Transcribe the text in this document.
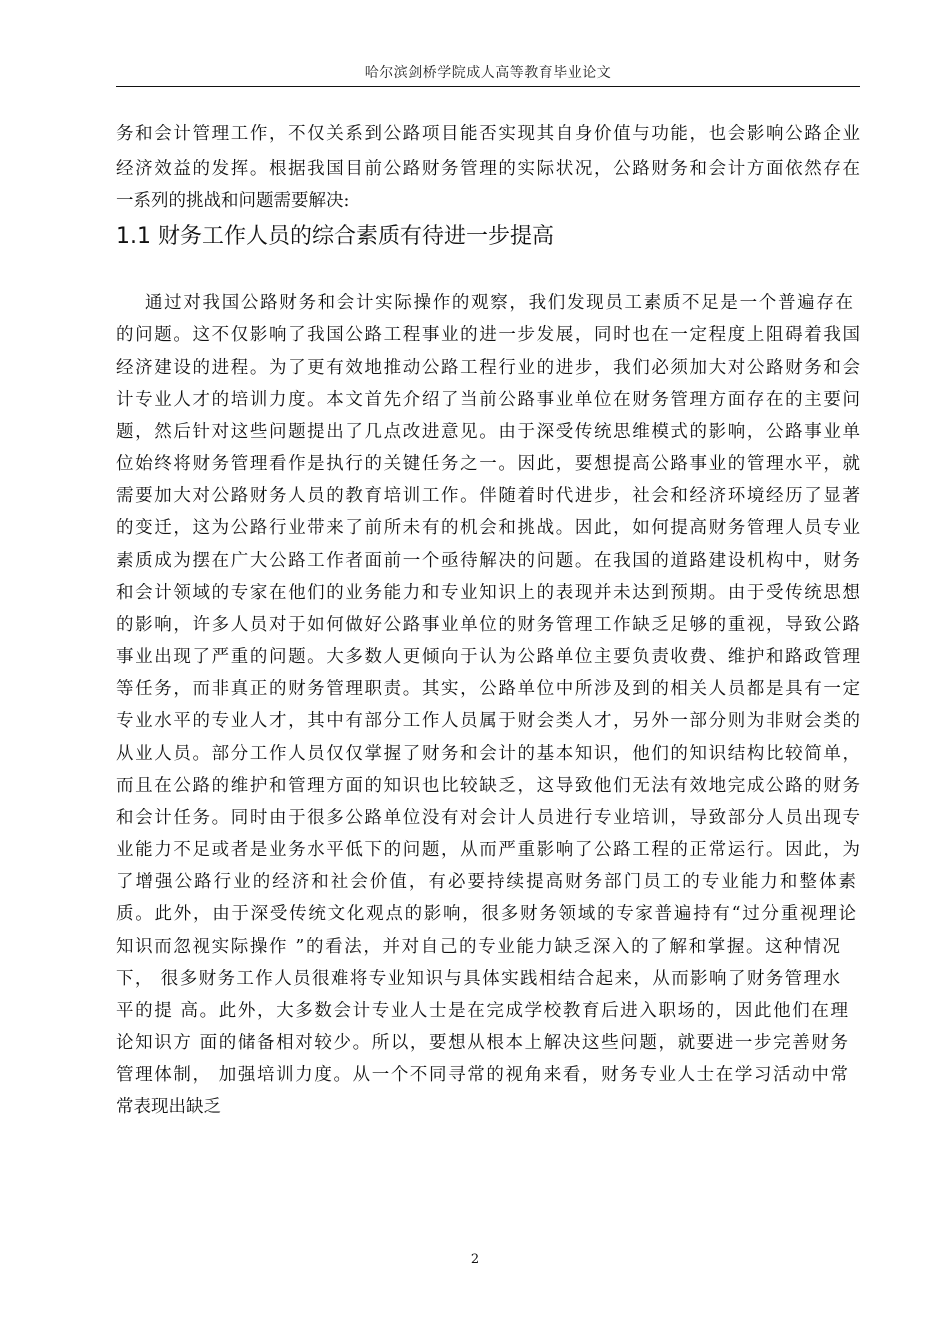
哈尔滨剑桥学院成人高等教育毕业论文
务和会计管理工作，不仅关系到公路项目能否实现其自身价值与功能，也会影响公路企业
经济效益的发挥。根据我国目前公路财务管理的实际状况，公路财务和会计方面依然存在
一系列的挑战和问题需要解决:
1.1 财务工作人员的综合素质有待进一步提高
通过对我国公路财务和会计实际操作的观察，我们发现员工素质不足是一个普遍存在
的问题。这不仅影响了我国公路工程事业的进一步发展，同时也在一定程度上阻碍着我国
经济建设的进程。为了更有效地推动公路工程行业的进步，我们必须加大对公路财务和会
计专业人才的培训力度。本文首先介绍了当前公路事业单位在财务管理方面存在的主要问
题，然后针对这些问题提出了几点改进意见。由于深受传统思维模式的影响，公路事业单
位始终将财务管理看作是执行的关键任务之一。因此，要想提高公路事业的管理水平，就
需要加大对公路财务人员的教育培训工作。伴随着时代进步，社会和经济环境经历了显著
的变迁，这为公路行业带来了前所未有的机会和挑战。因此，如何提高财务管理人员专业
素质成为摆在广大公路工作者面前一个亟待解决的问题。在我国的道路建设机构中，财务
和会计领域的专家在他们的业务能力和专业知识上的表现并未达到预期。由于受传统思想
的影响，许多人员对于如何做好公路事业单位的财务管理工作缺乏足够的重视，导致公路
事业出现了严重的问题。大多数人更倾向于认为公路单位主要负责收费、维护和路政管理
等任务，而非真正的财务管理职责。其实，公路单位中所涉及到的相关人员都是具有一定
专业水平的专业人才，其中有部分工作人员属于财会类人才，另外一部分则为非财会类的
从业人员。部分工作人员仅仅掌握了财务和会计的基本知识，他们的知识结构比较简单，
而且在公路的维护和管理方面的知识也比较缺乏，这导致他们无法有效地完成公路的财务
和会计任务。同时由于很多公路单位没有对会计人员进行专业培训，导致部分人员出现专
业能力不足或者是业务水平低下的问题，从而严重影响了公路工程的正常运行。因此，为
了增强公路行业的经济和社会价值，有必要持续提高财务部门员工的专业能力和整体素
质。此外，由于深受传统文化观点的影响，很多财务领域的专家普遍持有“过分重视理论
知识而忽视实际操作 ”的看法，并对自己的专业能力缺乏深入的了解和掌握。这种情况
下， 很多财务工作人员很难将专业知识与具体实践相结合起来，从而影响了财务管理水
平的提 高。此外，大多数会计专业人士是在完成学校教育后进入职场的，因此他们在理
论知识方 面的储备相对较少。所以，要想从根本上解决这些问题，就要进一步完善财务
管理体制， 加强培训力度。从一个不同寻常的视角来看，财务专业人士在学习活动中常
常表现出缺乏
2
